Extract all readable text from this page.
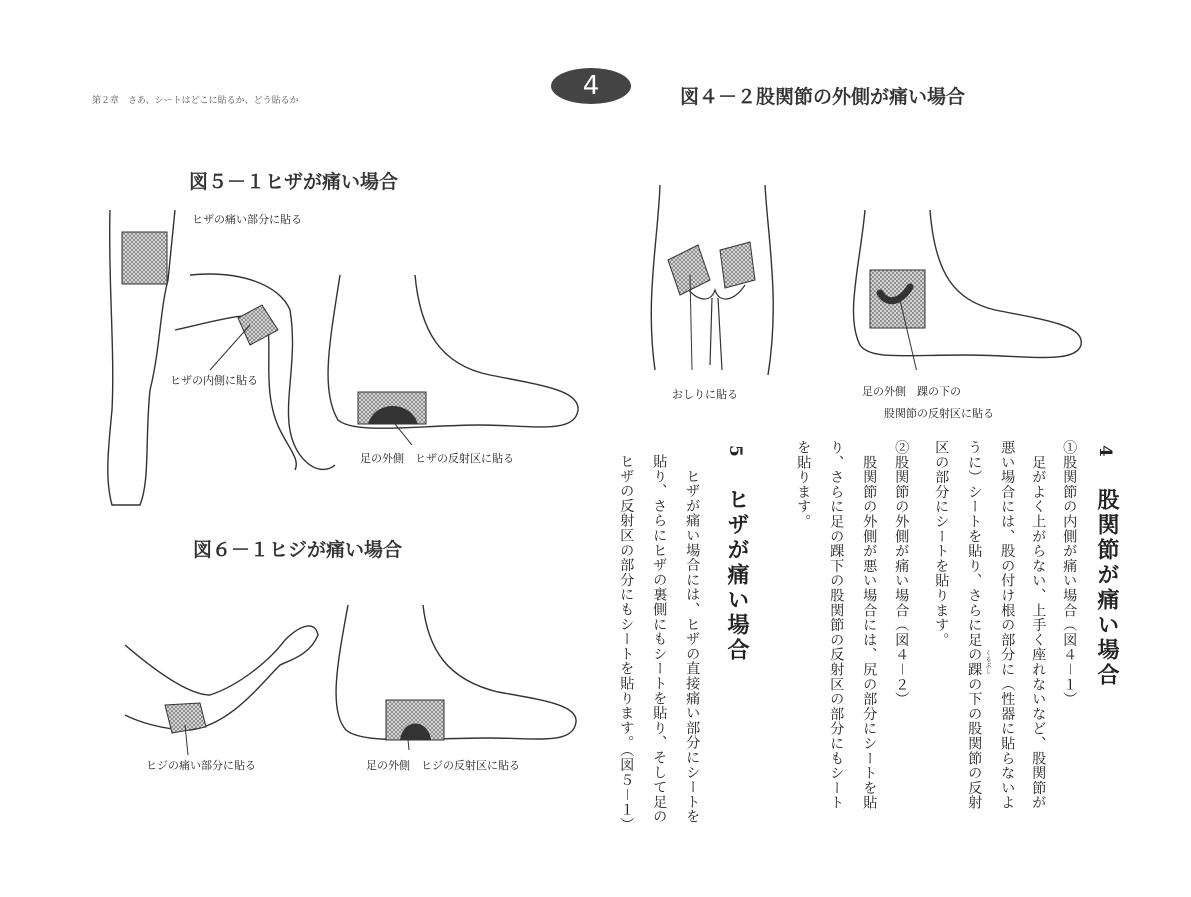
第２章　さあ、シートはどこに貼るか、どう貼るか	4	図４－２股関節の外側が痛い場合
図５－１ヒザが痛い場合
図６－１ヒジが痛い場合
おしりに貼る	足の外側　踝の下の
股関節の反射区に貼る
ヒザの痛い部分に貼る
ヒザの内側に貼る
足の外側　ヒザの反射区に貼る
ヒジの痛い部分に貼る	足の外側　ヒジの反射区に貼る
4
股関節が痛い場合
①股関節の内側が痛い場合（図４－１）
　足がよく上がらない、上手く座れないなど、股関節が
悪い場合には、股の付け根の部分に（性器に貼らないよ
うに）シートを貼り、さらに足の踝の下の股関節の反射 くるぶし
区の部分にシートを貼ります。
②股関節の外側が痛い場合（図４－２）
　股関節の外側が悪い場合には、尻の部分にシートを貼
り、さらに足の踝下の股関節の反射区の部分にもシート
を貼ります。
5
ヒザが痛い場合
　ヒザが痛い場合には、ヒザの直接痛い部分にシートを
貼り、さらにヒザの裏側にもシートを貼り、そして足の
ヒザの反射区の部分にもシートを貼ります。（図５－１）
